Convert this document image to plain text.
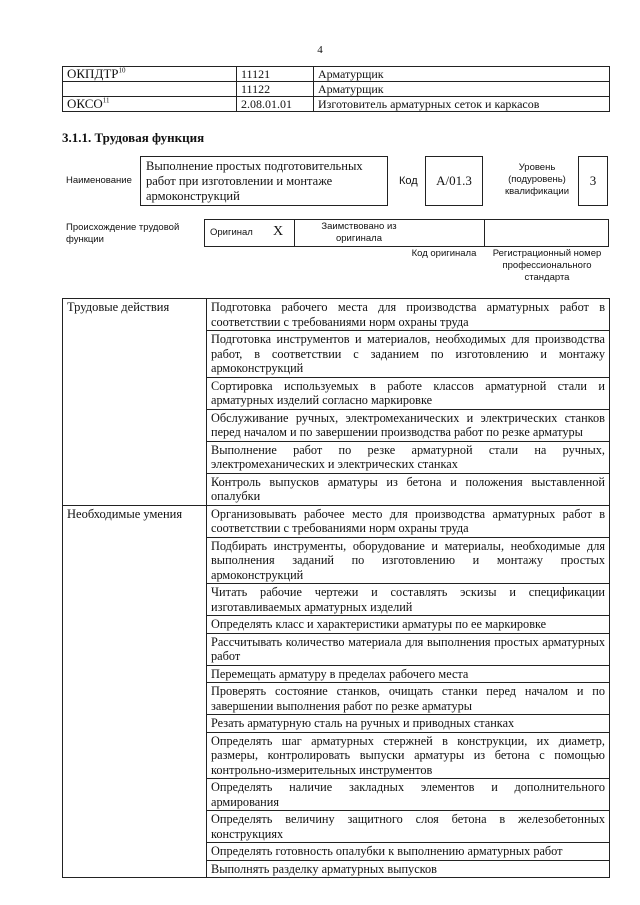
4
ОКПДТР$^{10}$	11121	Арматурщик
	11122	Арматурщик
ОКСО$^{11}$	2.08.01.01	Изготовитель арматурных сеток и каркасов
3.1.1. Трудовая функция
Наименование
Выполнение простых подготовительных работ при изготовлении и монтаже армоконструкций
Код	A/01.3
Уровень (подуровень) квалификации
3
Происхождение трудовой функции
Оригинал X	Заимствовано из оригинала
Код оригинала	Регистрационный номер профессионального стандарта
Трудовые действия	Подготовка рабочего места для производства арматурных работ в соответствии с требованиями норм охраны труда
	Подготовка инструментов и материалов, необходимых для производства работ, в соответствии с заданием по изготовлению и монтажу армоконструкций
	Сортировка используемых в работе классов арматурной стали и арматурных изделий согласно маркировке
	Обслуживание ручных, электромеханических и электрических станков перед началом и по завершении производства работ по резке арматуры
	Выполнение работ по резке арматурной стали на ручных, электромеханических и электрических станках
	Контроль выпусков арматуры из бетона и положения выставленной опалубки
Необходимые умения	Организовывать рабочее место для производства арматурных работ в соответствии с требованиями норм охраны труда
	Подбирать инструменты, оборудование и материалы, необходимые для выполнения заданий по изготовлению и монтажу простых армоконструкций
	Читать рабочие чертежи и составлять эскизы и спецификации изготавливаемых арматурных изделий
	Определять класс и характеристики арматуры по ее маркировке
	Рассчитывать количество материала для выполнения простых арматурных работ
	Перемещать арматуру в пределах рабочего места
	Проверять состояние станков, очищать станки перед началом и по завершении выполнения работ по резке арматуры
	Резать арматурную сталь на ручных и приводных станках
	Определять шаг арматурных стержней в конструкции, их диаметр, размеры, контролировать выпуски арматуры из бетона с помощью контрольно-измерительных инструментов
	Определять наличие закладных элементов и дополнительного армирования
	Определять величину защитного слоя бетона в железобетонных конструкциях
	Определять готовность опалубки к выполнению арматурных работ
	Выполнять разделку арматурных выпусков
